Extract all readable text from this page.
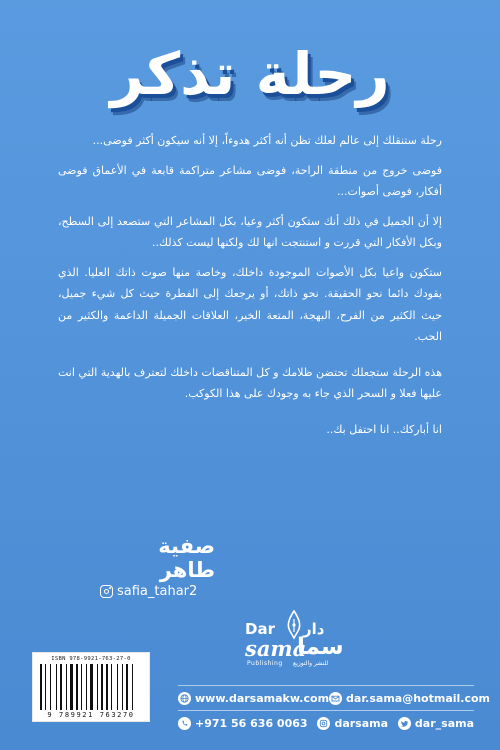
رحلة تذكر

رحلة ستنقلك إلى عالم لعلك تظن أنه أكثر هدوءاً، إلا أنه سيكون أكثر فوضى...

فوضى خروج من منطقة الراحة، فوضى مشاعر متراكمة قابعة في الأعماق فوضى أفكار، فوضى أصوات...

إلا أن الجميل في ذلك أنك ستكون أكثر وعيا، بكل المشاعر التي ستصعد إلى السطح، وبكل الأفكار التي قررت و استنتجت انها لك ولكنها ليست كذلك..

ستكون واعيا بكل الأصوات الموجودة داخلك، وخاصة منها صوت ذاتك العليا. الذي يقودك دائما نحو الحقيقة. نحو ذاتك، أو يرجعك إلى الفطرة حيث كل شيء جميل، حيث الكثير من الفرح، البهجة، المتعة الخير، العلاقات الجميلة الداعمة والكثير من الحب.

هذه الرحلة ستجعلك تحتضن ظلامك و كل المتناقضات داخلك لتعترف بالهدية التي انت عليها فعلا و السحر الذي جاء به وجودك على هذا الكوكب.

انا أباركك.. انا احتفل بك..

صفية طاهر
safia_tahar2
ISBN 978-9921-763-27-0
9 789921 763270
Dar دار
sama
سما
Publishing للنشر والتوزيع
www.darsamakw.com dar.sama@hotmail.com
+971 56 636 0063 darsama dar_sama
